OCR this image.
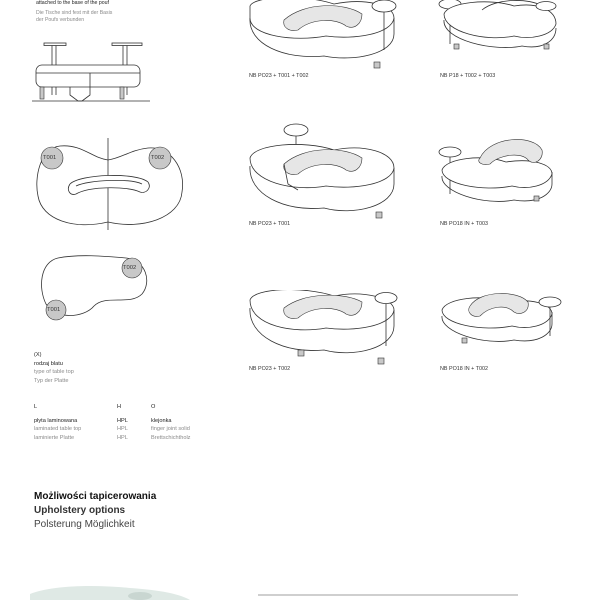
attached to the base of the pouf
Die Tische sind fest mit der Basis
der Poufs verbunden
T001	T002
T002
T001
NB PO23 + T001 + T002
NB PO23 + T001
NB PO23 + T002
NB P18 + T002 + T003
NB PO18 IN + T003
NB PO18 IN + T002
(X)
rodzaj blatu
type of table top
Typ der Platte
L
płyta laminowana
laminated table top
laminierte Platte
H
HPL
HPL
HPL
O
klejonka
finger joint solid
Brettschichtholz
Możliwości tapicerowania
Upholstery options
Polsterung Möglichkeit
